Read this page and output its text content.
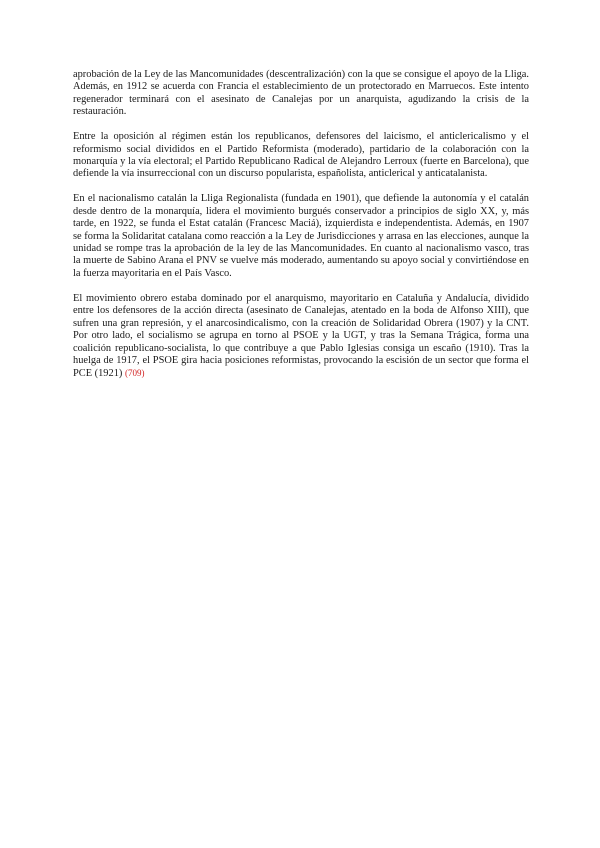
aprobación de la Ley de las Mancomunidades (descentralización) con la que se consigue el apoyo de la Lliga. Además, en 1912 se acuerda con Francia el establecimiento de un protectorado en Marruecos. Este intento regenerador terminará con el asesinato de Canalejas por un anarquista, agudizando la crisis de la restauración.

Entre la oposición al régimen están los republicanos, defensores del laicismo, el anticlericalismo y el reformismo social divididos en el Partido Reformista (moderado), partidario de la colaboración con la monarquía y la vía electoral; el Partido Republicano Radical de Alejandro Lerroux (fuerte en Barcelona), que defiende la vía insurreccional con un discurso popularista, españolista, anticlerical y anticatalanista.

En el nacionalismo catalán la Lliga Regionalista (fundada en 1901), que defiende la autonomía y el catalán desde dentro de la monarquía, lidera el movimiento burgués conservador a principios de siglo XX, y, más tarde, en 1922, se funda el Estat catalán (Francesc Maciá), izquierdista e independentista. Además, en 1907 se forma la Solidaritat catalana como reacción a la Ley de Jurisdicciones y arrasa en las elecciones, aunque la unidad se rompe tras la aprobación de la ley de las Mancomunidades. En cuanto al nacionalismo vasco, tras la muerte de Sabino Arana el PNV se vuelve más moderado, aumentando su apoyo social y convirtiéndose en la fuerza mayoritaria en el País Vasco.

El movimiento obrero estaba dominado por el anarquismo, mayoritario en Cataluña y Andalucía, dividido entre los defensores de la acción directa (asesinato de Canalejas, atentado en la boda de Alfonso XIII), que sufren una gran represión, y el anarcosindicalismo, con la creación de Solidaridad Obrera (1907) y la CNT. Por otro lado, el socialismo se agrupa en torno al PSOE y la UGT, y tras la Semana Trágica, forma una coalición republicano-socialista, lo que contribuye a que Pablo Iglesias consiga un escaño (1910). Tras la huelga de 1917, el PSOE gira hacia posiciones reformistas, provocando la escisión de un sector que forma el PCE (1921) (709)
